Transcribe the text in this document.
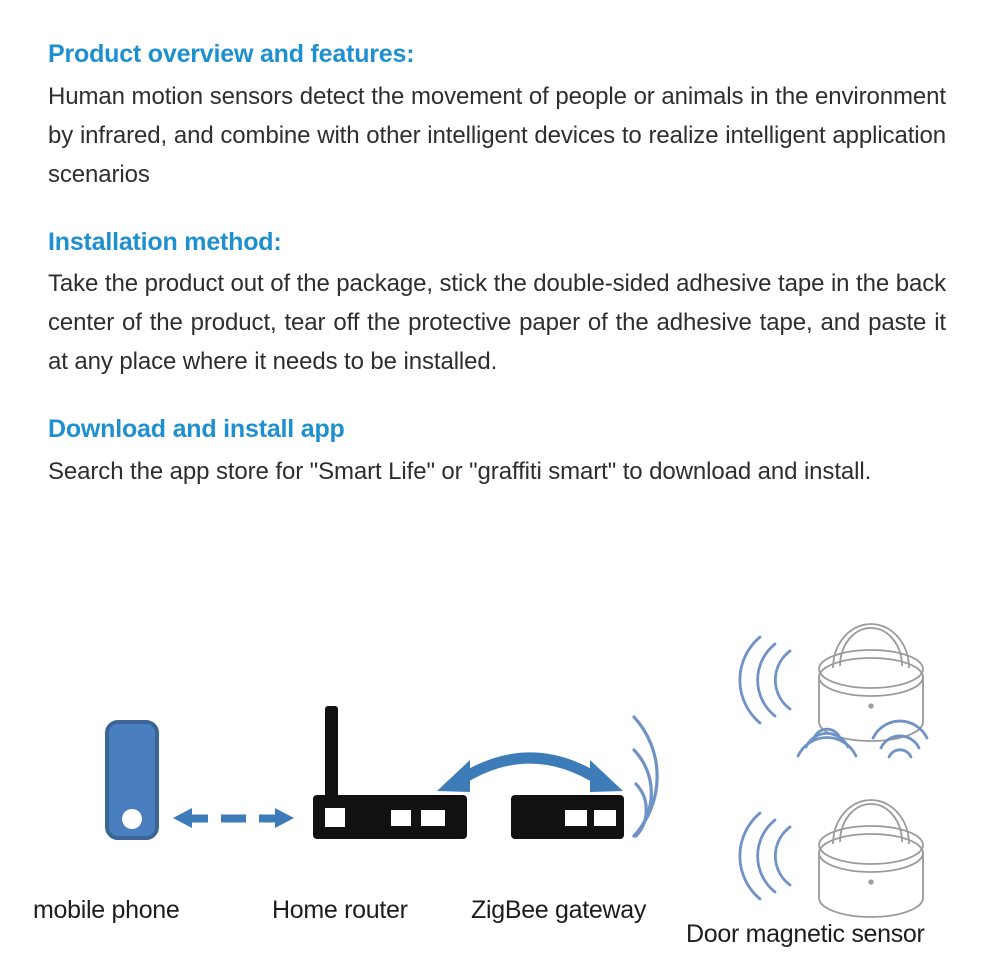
Product overview and features:

Human motion sensors detect the movement of people or animals in the environment by infrared, and combine with other intelligent devices to realize intelligent application scenarios

Installation method:

Take the product out of the package, stick the double-sided adhesive tape in the back center of the product, tear off the protective paper of the adhesive tape, and paste it at any place where it needs to be installed.

Download and install app

Search the app store for "Smart Life" or "graffiti smart" to download and install.

mobile phone	Home router	ZigBee gateway
Door magnetic sensor
